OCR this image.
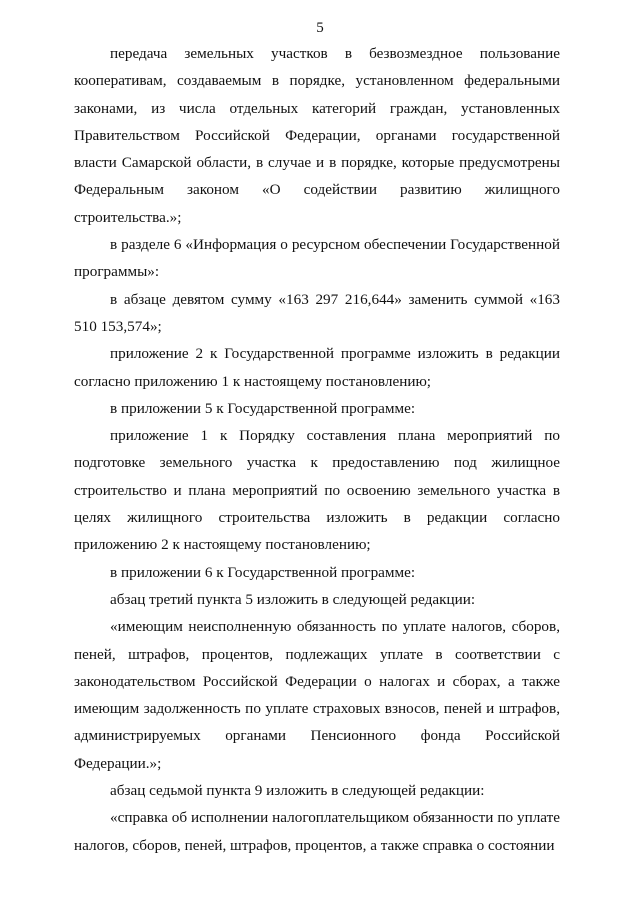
5

передача земельных участков в безвозмездное пользование кооперативам, создаваемым в порядке, установленном федеральными законами, из числа отдельных категорий граждан, установленных Правительством Российской Федерации, органами государственной власти Самарской области, в случае и в порядке, которые предусмотрены Федеральным законом «О содействии развитию жилищного строительства.»;

в разделе 6 «Информация о ресурсном обеспечении Государственной программы»:

в абзаце девятом сумму «163 297 216,644» заменить суммой «163 510 153,574»;

приложение 2 к Государственной программе изложить в редакции согласно приложению 1 к настоящему постановлению;

в приложении 5 к Государственной программе:

приложение 1 к Порядку составления плана мероприятий по подготовке земельного участка к предоставлению под жилищное строительство и плана мероприятий по освоению земельного участка в целях жилищного строительства изложить в редакции согласно приложению 2 к настоящему постановлению;

в приложении 6 к Государственной программе:

абзац третий пункта 5 изложить в следующей редакции:

«имеющим неисполненную обязанность по уплате налогов, сборов, пеней, штрафов, процентов, подлежащих уплате в соответствии с законодательством Российской Федерации о налогах и сборах, а также имеющим задолженность по уплате страховых взносов, пеней и штрафов, администрируемых органами Пенсионного фонда Российской Федерации.»;

абзац седьмой пункта 9 изложить в следующей редакции:

«справка об исполнении налогоплательщиком обязанности по уплате налогов, сборов, пеней, штрафов, процентов, а также справка о состоянии
